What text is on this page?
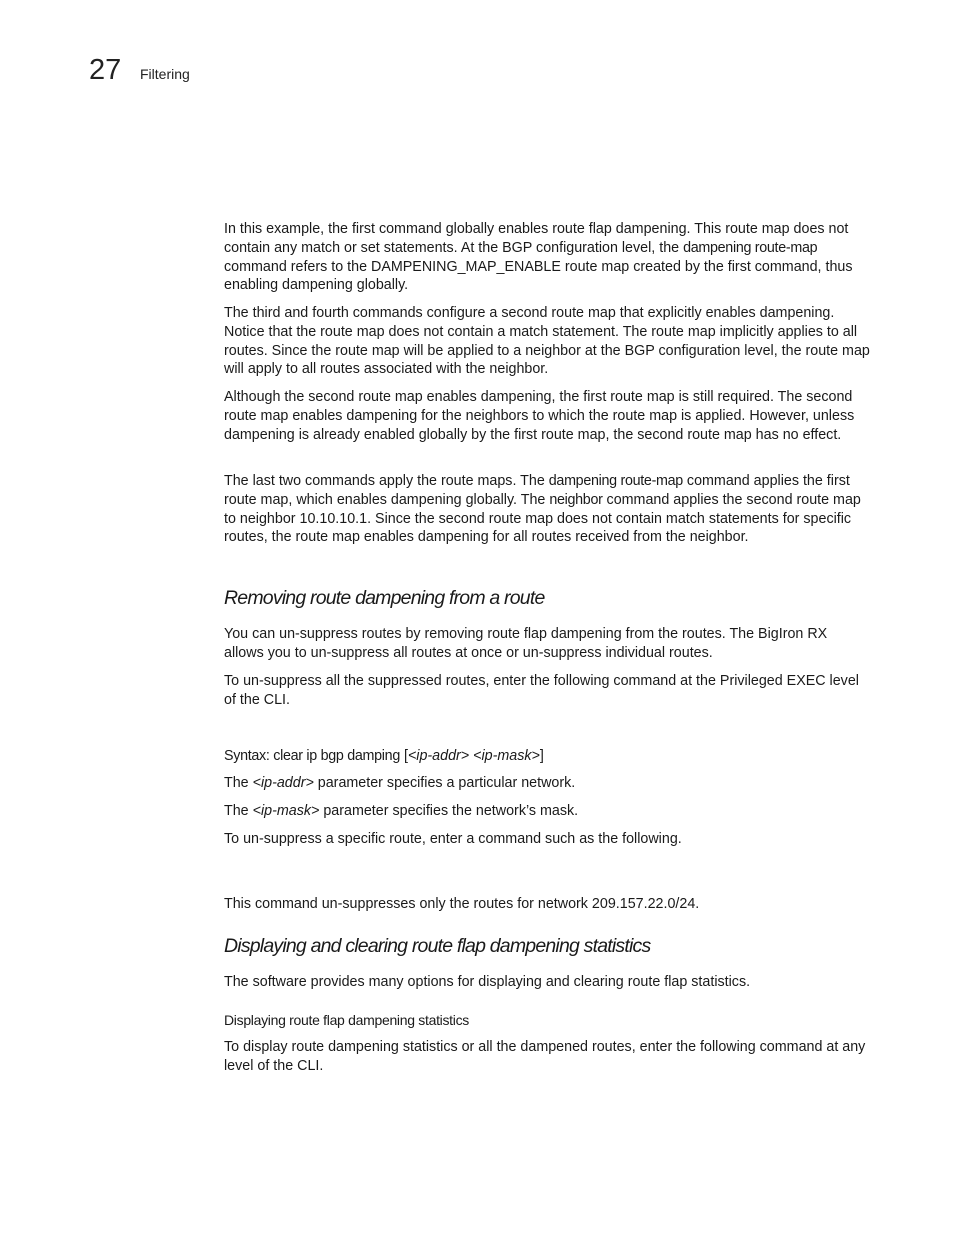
27 Filtering

In this example, the first command globally enables route flap dampening. This route map does not contain any match or set statements. At the BGP configuration level, the dampening route-map command refers to the DAMPENING_MAP_ENABLE route map created by the first command, thus enabling dampening globally.

The third and fourth commands configure a second route map that explicitly enables dampening. Notice that the route map does not contain a match statement. The route map implicitly applies to all routes. Since the route map will be applied to a neighbor at the BGP configuration level, the route map will apply to all routes associated with the neighbor.

Although the second route map enables dampening, the first route map is still required. The second route map enables dampening for the neighbors to which the route map is applied. However, unless dampening is already enabled globally by the first route map, the second route map has no effect.

The last two commands apply the route maps. The dampening route-map command applies the first route map, which enables dampening globally. The neighbor command applies the second route map to neighbor 10.10.10.1. Since the second route map does not contain match statements for specific routes, the route map enables dampening for all routes received from the neighbor.

Removing route dampening from a route

You can un-suppress routes by removing route flap dampening from the routes. The BigIron RX allows you to un-suppress all routes at once or un-suppress individual routes.

To un-suppress all the suppressed routes, enter the following command at the Privileged EXEC level of the CLI.

Syntax: clear ip bgp damping [<ip-addr> <ip-mask>]

The <ip-addr> parameter specifies a particular network.

The <ip-mask> parameter specifies the network’s mask.

To un-suppress a specific route, enter a command such as the following.

This command un-suppresses only the routes for network 209.157.22.0/24.

Displaying and clearing route flap dampening statistics

The software provides many options for displaying and clearing route flap statistics.

Displaying route flap dampening statistics

To display route dampening statistics or all the dampened routes, enter the following command at any level of the CLI.
